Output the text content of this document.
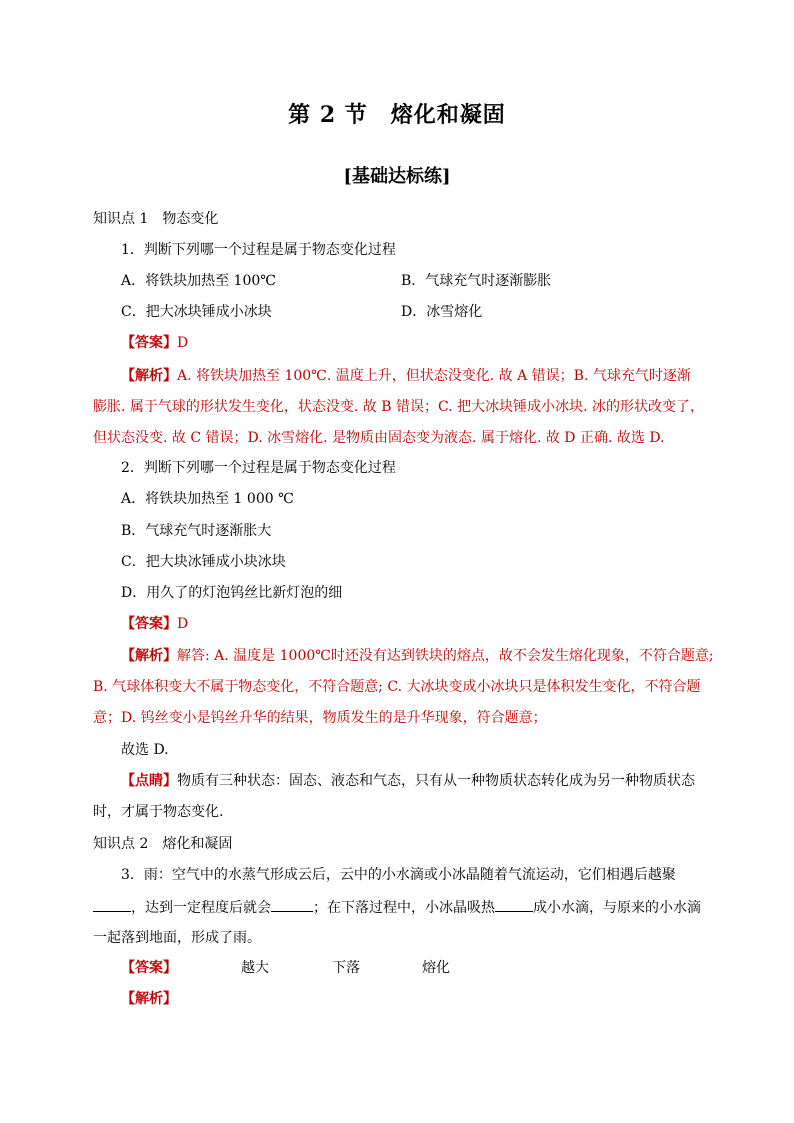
第 2 节　熔化和凝固
[基础达标练]
知识点 1　物态变化
1．判断下列哪一个过程是属于物态变化过程
A．将铁块加热至 100℃	B．气球充气时逐渐膨胀
C．把大冰块锤成小冰块	D．冰雪熔化
【答案】D
【解析】A. 将铁块加热至 100℃. 温度上升，但状态没变化. 故 A 错误；B. 气球充气时逐渐
膨胀. 属于气球的形状发生变化，状态没变. 故 B 错误；C. 把大冰块锤成小冰块. 冰的形状改变了，
但状态没变. 故 C 错误；D. 冰雪熔化. 是物质由固态变为液态. 属于熔化. 故 D 正确. 故选 D.
2．判断下列哪一个过程是属于物态变化过程
A．将铁块加热至 1 000 ℃
B．气球充气时逐渐胀大
C．把大块冰锤成小块冰块
D．用久了的灯泡钨丝比新灯泡的细
【答案】D
【解析】解答: A. 温度是 1000℃时还没有达到铁块的熔点，故不会发生熔化现象，不符合题意;
B. 气球体积变大不属于物态变化，不符合题意; C. 大冰块变成小冰块只是体积发生变化，不符合题
意；D. 钨丝变小是钨丝升华的结果，物质发生的是升华现象，符合题意；
故选 D.
【点睛】物质有三种状态：固态、液态和气态，只有从一种物质状态转化成为另一种物质状态
时，才属于物态变化.
知识点 2　熔化和凝固
3．雨：空气中的水蒸气形成云后，云中的小水滴或小冰晶随着气流运动，它们相遇后越聚
，达到一定程度后就会	；在下落过程中，小冰晶吸热	成小水滴，与原来的小水滴
一起落到地面，形成了雨。
【答案】	越大	下落	熔化
【解析】
